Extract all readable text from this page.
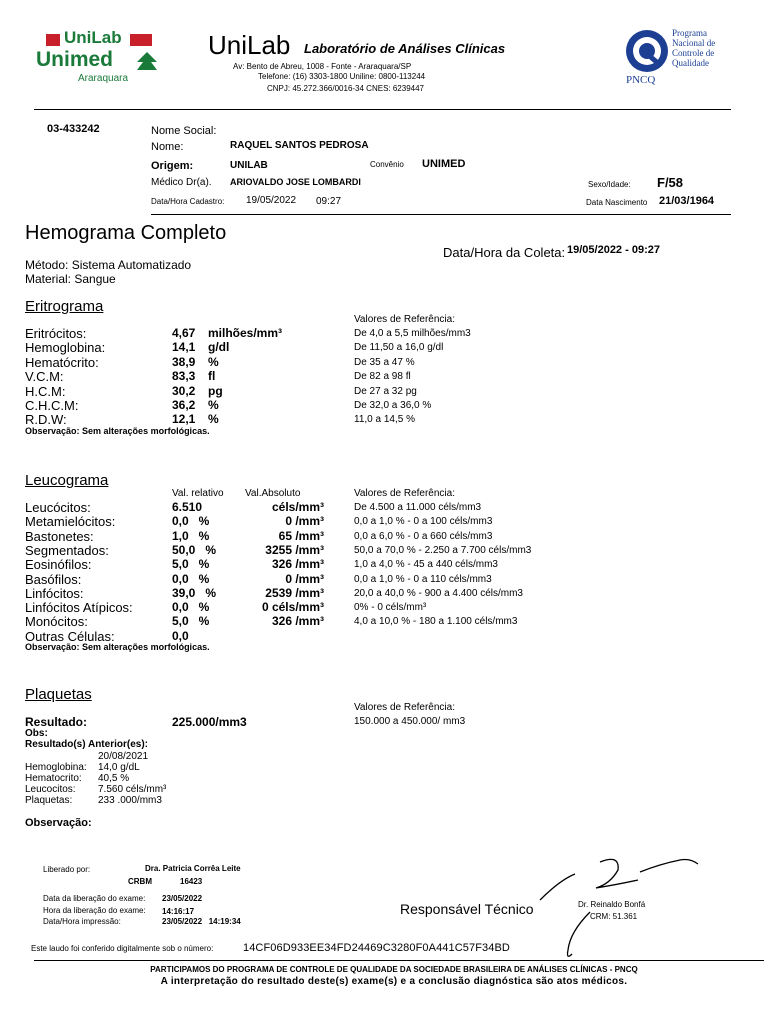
UniLab
Unimed
Araraquara
UniLab Laboratório de Análises Clínicas
Av: Bento de Abreu, 1008 - Fonte - Araraquara/SP
Telefone: (16) 3303-1800 Uniline: 0800-113244
CNPJ: 45.272.366/0016-34 CNES: 6239447
PNCQ
Programa
Nacional de
Controle de
Qualidade
03-433242	Nome Social:
Nome:	RAQUEL SANTOS PEDROSA
Origem:	UNILAB	Convênio UNIMED
Médico Dr(a). ARIOVALDO JOSE LOMBARDI	Sexo/Idade: F/58
Data/Hora Cadastro: 19/05/2022 09:27	Data Nascimento 21/03/1964
Hemograma Completo
Data/Hora da Coleta: 19/05/2022 - 09:27
Método: Sistema Automatizado
Material: Sangue
Eritrograma
Valores de Referência:
Eritrócitos:	4,67 milhões/mm³	De 4,0 a 5,5 milhões/mm3
Hemoglobina:	14,1 g/dl	De 11,50 a 16,0 g/dl
Hematócrito:	38,9 %	De 35 a 47 %
V.C.M:	83,3 fl	De 82 a 98 fl
H.C.M:	30,2 pg	De 27 a 32 pg
C.H.C.M:	36,2 %	De 32,0 a 36,0 %
R.D.W:	12,1 %	11,0 a 14,5 %
Observação: Sem alterações morfológicas.
Leucograma
Val. relativo Val.Absoluto	Valores de Referência:
Leucócitos:	6.510	céls/mm³	De 4.500 a 11.000 céls/mm3
Metamielócitos:	0,0   %	0 /mm³	0,0 a 1,0 % - 0 a 100 céls/mm3
Bastonetes:	1,0   %	65 /mm³	0,0 a 6,0 % - 0 a 660 céls/mm3
Segmentados:	50,0   %	3255 /mm³	50,0 a 70,0 % - 2.250 a 7.700 céls/mm3
Eosinófilos:	5,0   %	326 /mm³	1,0 a 4,0 % - 45 a 440 céls/mm3
Basófilos:	0,0   %	0 /mm³	0,0 a 1,0 % - 0 a 110 céls/mm3
Linfócitos:	39,0   %	2539 /mm³	20,0 a 40,0 % - 900 a 4.400 céls/mm3
Linfócitos Atípicos:	0,0   %	0 céls/mm³	0% - 0 céls/mm³
Monócitos:	5,0   %	326 /mm³	4,0 a 10,0 % - 180 a 1.100 céls/mm3
Outras Células:	0,0
Observação: Sem alterações morfológicas.
Plaquetas
Valores de Referência:
Resultado:	225.000/mm3	150.000 a 450.000/ mm3
Obs:
Resultado(s) Anterior(es):
20/08/2021
Hemoglobina: 14,0 g/dL
Hematocrito: 40,5 %
Leucocitos: 7.560 céls/mm³
Plaquetas:	233 .000/mm3
Observação:
Liberado por:	Dra. Patricia Corrêa Leite
CRBM	16423
Data da liberação do exame: 23/05/2022
Hora da liberação do exame: 14:16:17
Data/Hora impressão:	23/05/2022   14:19:34
Responsável Técnico	Dr. Reinaldo Bonfá
CRM: 51.361
Este laudo foi conferido digitalmente sob o número:	14CF06D933EE34FD24469C3280F0A441C57F34BD
PARTICIPAMOS DO PROGRAMA DE CONTROLE DE QUALIDADE DA SOCIEDADE BRASILEIRA DE ANÁLISES CLÍNICAS - PNCQ
A interpretação do resultado deste(s) exame(s) e a conclusão diagnóstica são atos médicos.
